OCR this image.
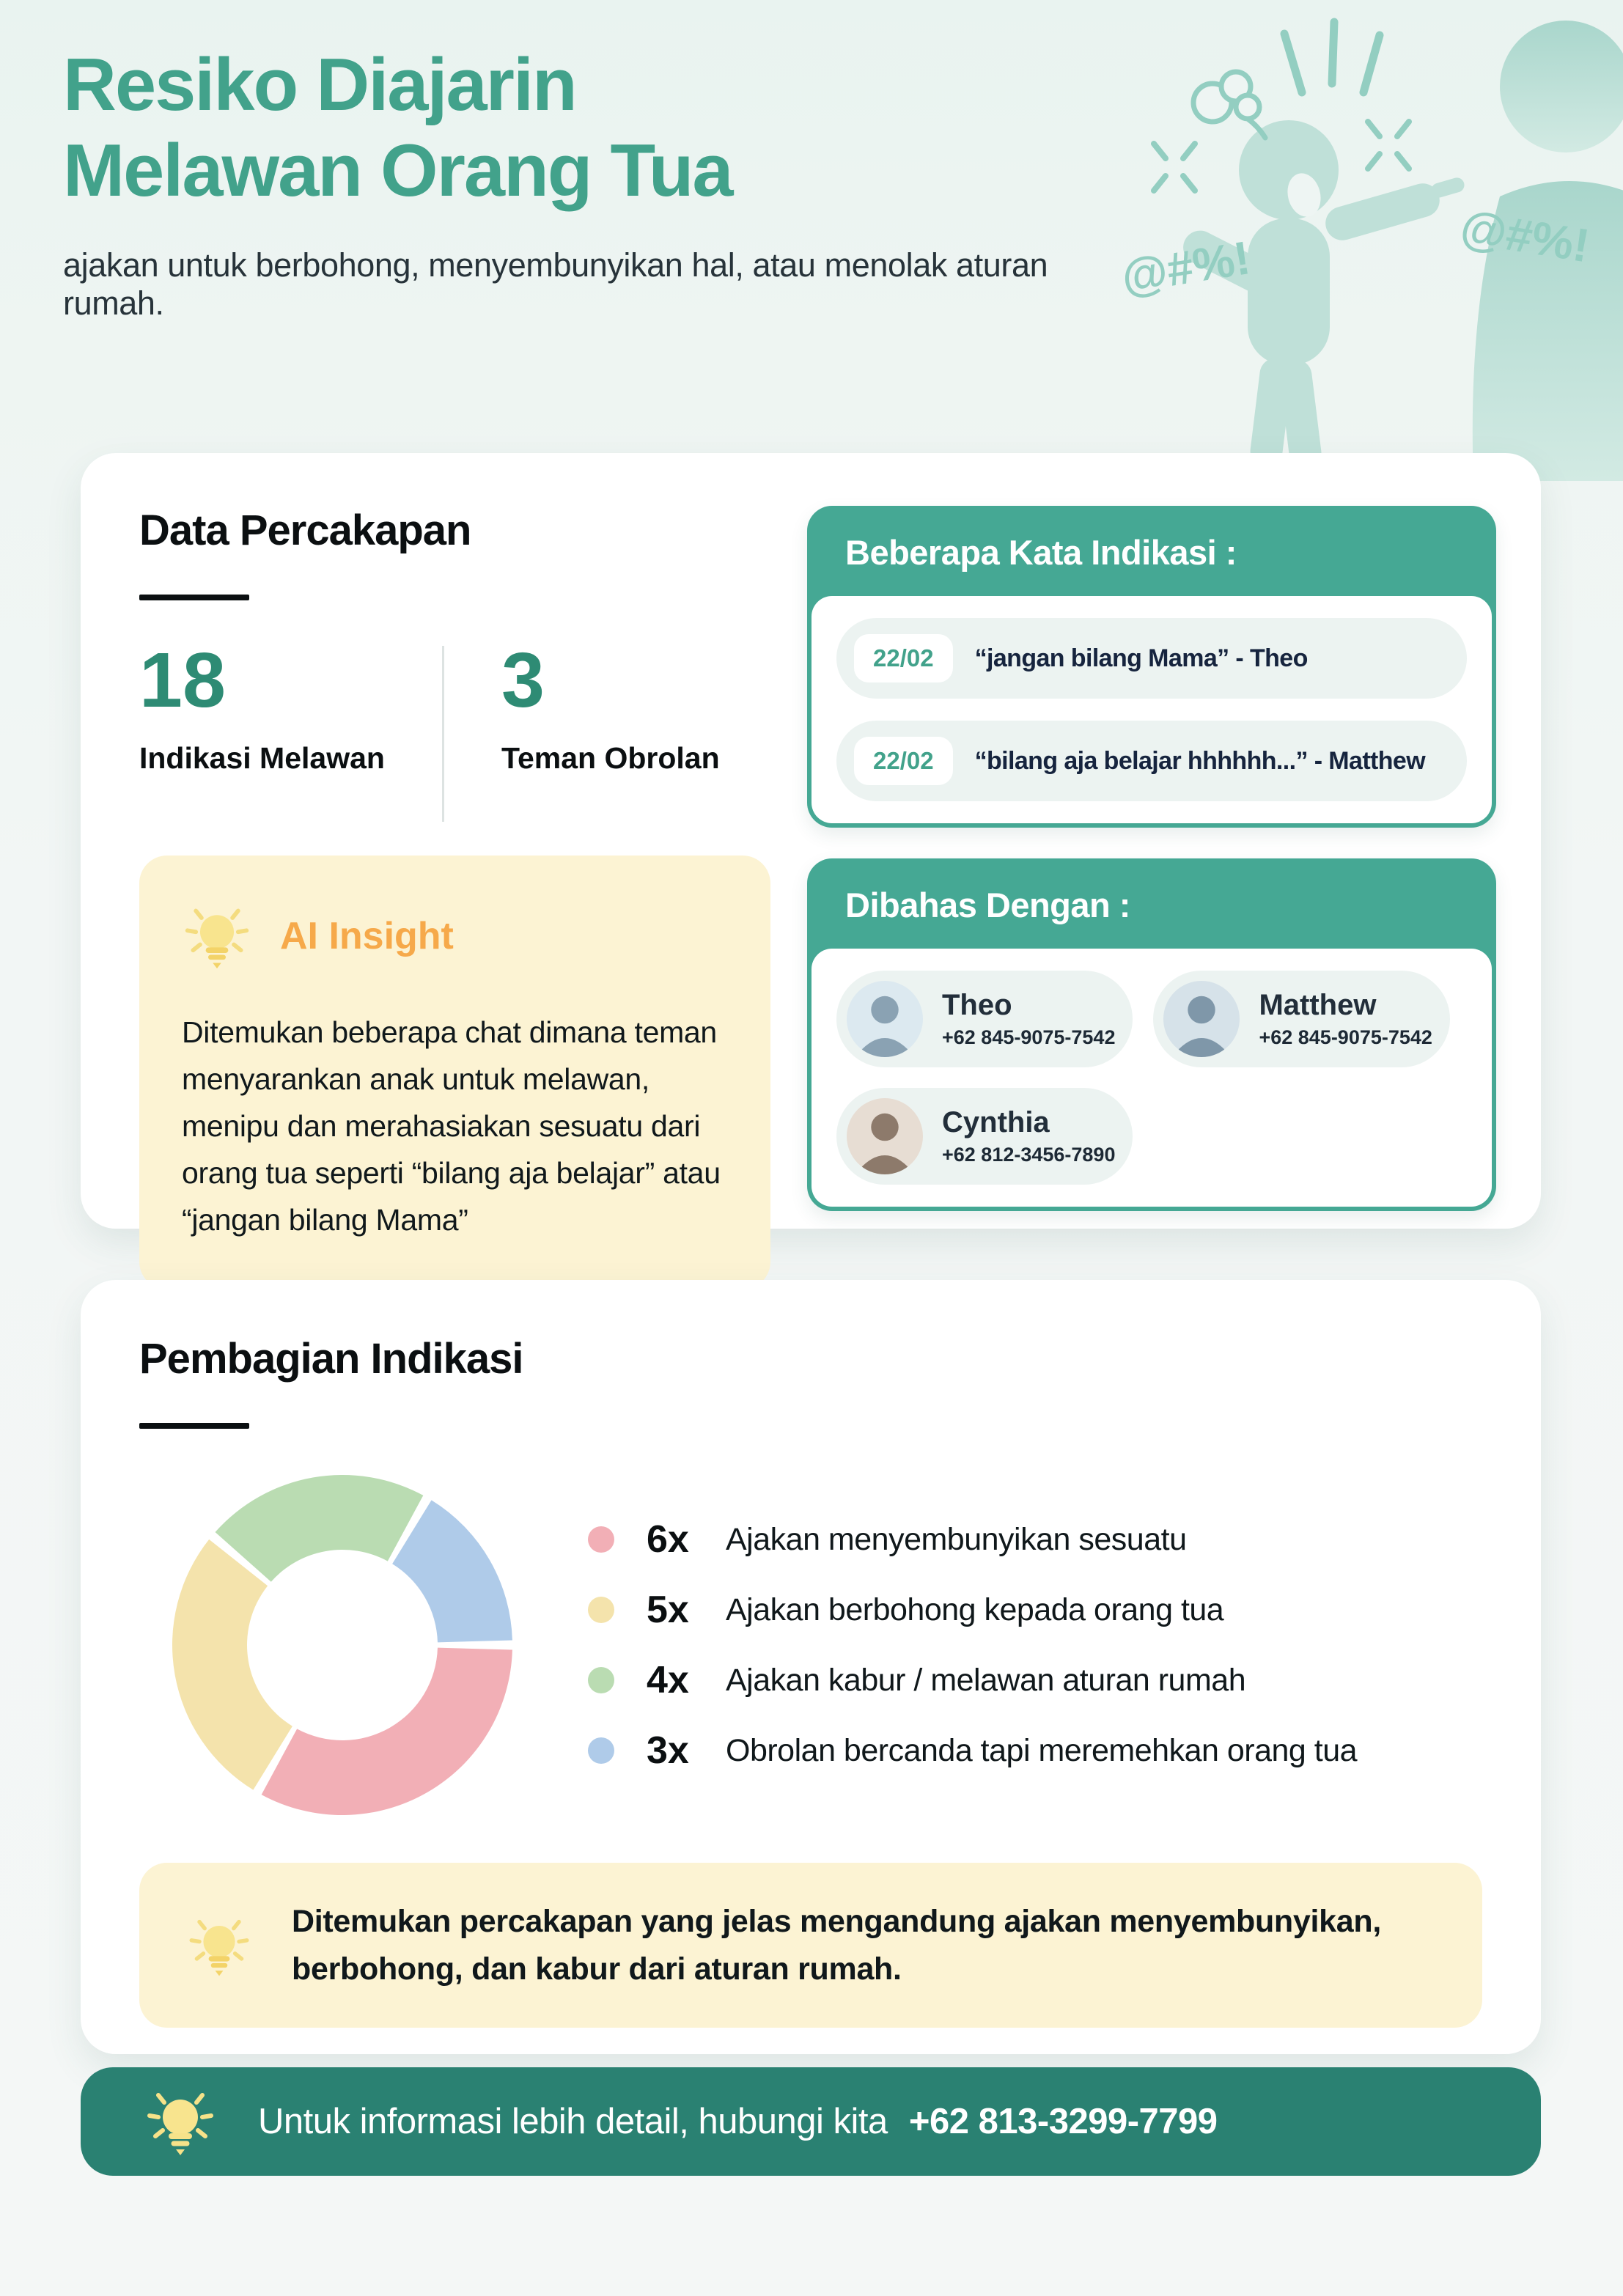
@#%!	@#%!
Resiko Diajarin
Melawan Orang Tua

ajakan untuk berbohong, menyembunyikan hal, atau menolak aturan rumah.

Data Percakapan
18
Indikasi Melawan
3
Teman Obrolan
AI Insight
Ditemukan beberapa chat dimana teman menyarankan anak untuk melawan, menipu dan merahasiakan sesuatu dari orang tua seperti “bilang aja belajar” atau “jangan bilang Mama”
Beberapa Kata Indikasi :
22/02	“jangan bilang Mama” - Theo
22/02	“bilang aja belajar hhhhhh...” - Matthew
Dibahas Dengan :
Theo
+62 845-9075-7542
Matthew
+62 845-9075-7542
Cynthia
+62 812-3456-7890
Pembagian Indikasi
6x	Ajakan menyembunyikan sesuatu
5x	Ajakan berbohong kepada orang tua
4x	Ajakan kabur / melawan aturan rumah
3x	Obrolan bercanda tapi meremehkan orang tua
Ditemukan percakapan yang jelas mengandung ajakan menyembunyikan, berbohong, dan kabur dari aturan rumah.
Untuk informasi lebih detail, hubungi kita +62 813-3299-7799
